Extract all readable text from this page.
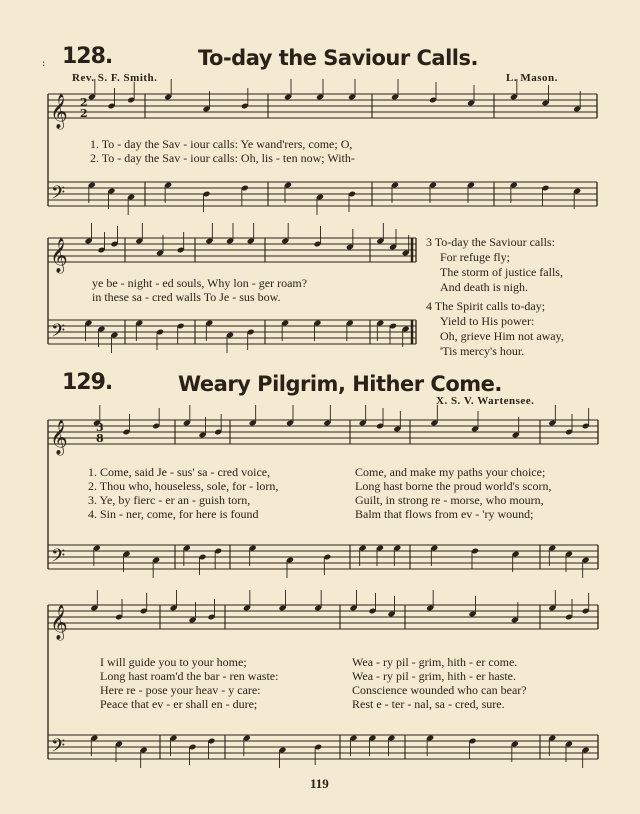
𝄞
𝄢
𝄞
𝄢
𝄞
𝄢
𝄞
𝄢
2
2
3
8
: 128.	To-day the Saviour Calls.
Rev. S. F. Smith.	L. Mason.
1. To - day the Sav - iour calls: Ye wand'rers, come; O,
2. To - day the Sav - iour calls: Oh, lis - ten now; With-
ye be - night - ed souls, Why lon - ger roam?
in these sa - cred walls To Je - sus bow.
3 To-day the Saviour calls:
For refuge fly;
The storm of justice falls,
And death is nigh.
4 The Spirit calls to-day;
Yield to His power:
Oh, grieve Him not away,
'Tis mercy's hour.
129.	Weary Pilgrim, Hither Come.
X. S. V. Wartensee.
1. Come, said Je - sus' sa - cred voice,	Come, and make my paths your choice;
2. Thou who, houseless, sole, for - lorn,	Long hast borne the proud world's scorn,
3. Ye, by fierc - er an - guish torn,	Guilt, in strong re - morse, who mourn,
4. Sin - ner, come, for here is found	Balm that flows from ev - 'ry wound;
I will guide you to your home;	Wea - ry pil - grim, hith - er come.
Long hast roam'd the bar - ren waste:	Wea - ry pil - grim, hith - er haste.
Here re - pose your heav - y care:	Conscience wounded who can bear?
Peace that ev - er shall en - dure;	Rest e - ter - nal, sa - cred, sure.
119
